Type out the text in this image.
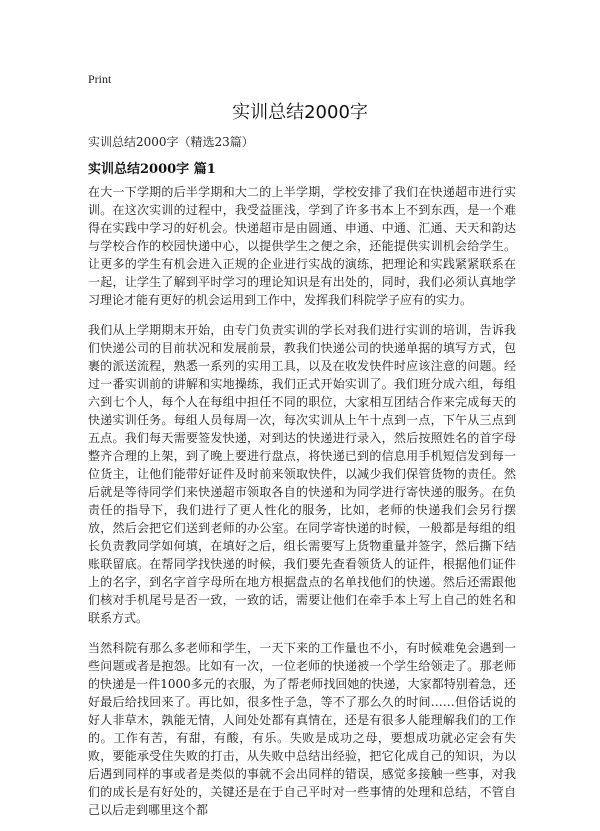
Print
实训总结2000字
实训总结2000字（精选23篇）
实训总结2000字 篇1

在大一下学期的后半学期和大二的上半学期，学校安排了我们在快递超市进行实训。在这次实训的过程中，我受益匪浅，学到了许多书本上不到东西，是一个难得在实践中学习的好机会。快递超市是由圆通、申通、中通、汇通、天天和韵达与学校合作的校园快递中心，以提供学生之便之余，还能提供实训机会给学生。让更多的学生有机会进入正规的企业进行实战的演练，把理论和实践紧紧联系在一起，让学生了解到平时学习的理论知识是有出处的，同时，我们必须认真地学习理论才能有更好的机会运用到工作中，发挥我们科院学子应有的实力。

我们从上学期期末开始，由专门负责实训的学长对我们进行实训的培训，告诉我们快递公司的目前状况和发展前景，教我们快递公司的快递单据的填写方式，包裹的派送流程，熟悉一系列的实用工具，以及在收发快件时应该注意的问题。经过一番实训前的讲解和实地操练，我们正式开始实训了。我们班分成六组，每组六到七个人，每个人在每组中担任不同的职位，大家相互团结合作来完成每天的快递实训任务。每组人员每周一次，每次实训从上午十点到一点，下午从三点到五点。我们每天需要签发快递，对到达的快递进行录入，然后按照姓名的首字母整齐合理的上架，到了晚上要进行盘点，将快递已到的信息用手机短信发到每一位货主，让他们能带好证件及时前来领取快件，以减少我们保管货物的责任。然后就是等待同学们来快递超市领取各自的快递和为同学进行寄快递的服务。在负责任的指导下，我们进行了更人性化的服务，比如，老师的快递我们会另行摆放，然后会把它们送到老师的办公室。在同学寄快递的时候，一般都是每组的组长负责教同学如何填，在填好之后，组长需要写上货物重量并签字，然后撕下结账联留底。在帮同学找快递的时候，我们要先查看领货人的证件，根据他们证件上的名字，到名字首字母所在地方根据盘点的名单找他们的快递。然后还需跟他们核对手机尾号是否一致，一致的话，需要让他们在牵手本上写上自己的姓名和联系方式。

当然科院有那么多老师和学生，一天下来的工作量也不小，有时候难免会遇到一些问题或者是抱怨。比如有一次，一位老师的快递被一个学生给领走了。那老师的快递是一件1000多元的衣服，为了帮老师找回她的快递，大家都特别着急，还好最后给找回来了。再比如，很多性子急，等不了那么久的时间……但俗话说的好人非草木，孰能无情，人间处处都有真情在，还是有很多人能理解我们的工作的。工作有苦，有甜，有酸，有乐。失败是成功之母，要想成功就必定会有失败，要能承受住失败的打击，从失败中总结出经验，把它化成自己的知识，为以后遇到同样的事或者是类似的事就不会出同样的错误，感觉多接触一些事，对我们的成长是有好处的，关键还是在于自己平时对一些事情的处理和总结，不管自己以后走到哪里这个都
